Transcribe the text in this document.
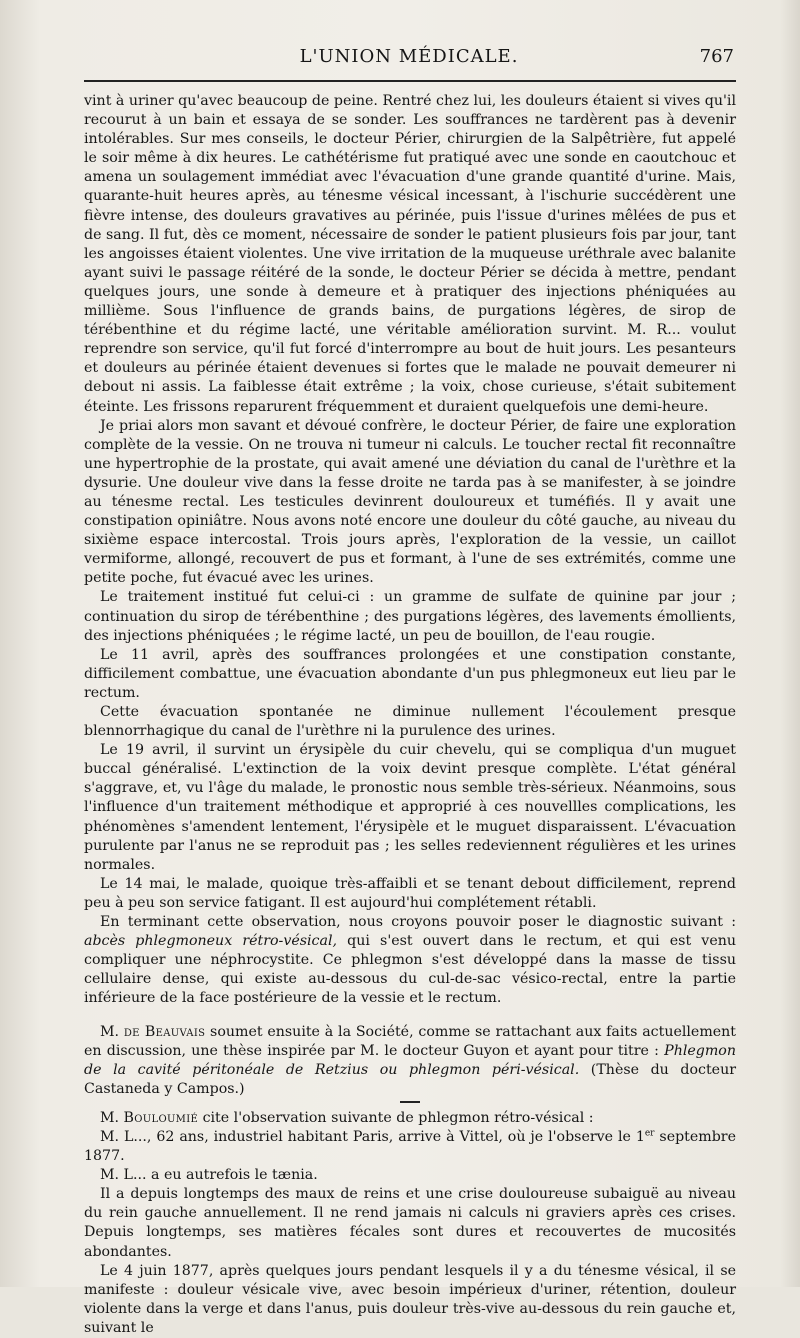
L'UNION MÉDICALE.	767

vint à uriner qu'avec beaucoup de peine. Rentré chez lui, les douleurs étaient si vives qu'il recourut à un bain et essaya de se sonder. Les souffrances ne tardèrent pas à devenir intolérables. Sur mes conseils, le docteur Périer, chirurgien de la Salpêtrière, fut appelé le soir même à dix heures. Le cathétérisme fut pratiqué avec une sonde en caoutchouc et amena un soulagement immédiat avec l'évacuation d'une grande quantité d'urine. Mais, quarante-huit heures après, au ténesme vésical incessant, à l'ischurie succédèrent une fièvre intense, des douleurs gravatives au périnée, puis l'issue d'urines mêlées de pus et de sang. Il fut, dès ce moment, nécessaire de sonder le patient plusieurs fois par jour, tant les angoisses étaient violentes. Une vive irritation de la muqueuse uréthrale avec balanite ayant suivi le passage réitéré de la sonde, le docteur Périer se décida à mettre, pendant quelques jours, une sonde à demeure et à pratiquer des injections phéniquées au millième. Sous l'influence de grands bains, de purgations légères, de sirop de térébenthine et du régime lacté, une véritable amélioration survint. M. R... voulut reprendre son service, qu'il fut forcé d'interrompre au bout de huit jours. Les pesanteurs et douleurs au périnée étaient devenues si fortes que le malade ne pouvait demeurer ni debout ni assis. La faiblesse était extrême ; la voix, chose curieuse, s'était subitement éteinte. Les frissons reparurent fréquemment et duraient quelquefois une demi-heure.

Je priai alors mon savant et dévoué confrère, le docteur Périer, de faire une exploration complète de la vessie. On ne trouva ni tumeur ni calculs. Le toucher rectal fit reconnaître une hypertrophie de la prostate, qui avait amené une déviation du canal de l'urèthre et la dysurie. Une douleur vive dans la fesse droite ne tarda pas à se manifester, à se joindre au ténesme rectal. Les testicules devinrent douloureux et tuméfiés. Il y avait une constipation opiniâtre. Nous avons noté encore une douleur du côté gauche, au niveau du sixième espace intercostal. Trois jours après, l'exploration de la vessie, un caillot vermiforme, allongé, recouvert de pus et formant, à l'une de ses extrémités, comme une petite poche, fut évacué avec les urines.

Le traitement institué fut celui-ci : un gramme de sulfate de quinine par jour ; continuation du sirop de térébenthine ; des purgations légères, des lavements émollients, des injections phéniquées ; le régime lacté, un peu de bouillon, de l'eau rougie.

Le 11 avril, après des souffrances prolongées et une constipation constante, difficilement combattue, une évacuation abondante d'un pus phlegmoneux eut lieu par le rectum.

Cette évacuation spontanée ne diminue nullement l'écoulement presque blennorrhagique du canal de l'urèthre ni la purulence des urines.

Le 19 avril, il survint un érysipèle du cuir chevelu, qui se compliqua d'un muguet buccal généralisé. L'extinction de la voix devint presque complète. L'état général s'aggrave, et, vu l'âge du malade, le pronostic nous semble très-sérieux. Néanmoins, sous l'influence d'un traitement méthodique et approprié à ces nouvellles complications, les phénomènes s'amendent lentement, l'érysipèle et le muguet disparaissent. L'évacuation purulente par l'anus ne se reproduit pas ; les selles redeviennent régulières et les urines normales.

Le 14 mai, le malade, quoique très-affaibli et se tenant debout difficilement, reprend peu à peu son service fatigant. Il est aujourd'hui complétement rétabli.

En terminant cette observation, nous croyons pouvoir poser le diagnostic suivant : abcès phlegmoneux rétro-vésical, qui s'est ouvert dans le rectum, et qui est venu compliquer une néphrocystite. Ce phlegmon s'est développé dans la masse de tissu cellulaire dense, qui existe au-dessous du cul-de-sac vésico-rectal, entre la partie inférieure de la face postérieure de la vessie et le rectum.

M. de Beauvais soumet ensuite à la Société, comme se rattachant aux faits actuellement en discussion, une thèse inspirée par M. le docteur Guyon et ayant pour titre : Phlegmon de la cavité péritonéale de Retzius ou phlegmon péri-vésical. (Thèse du docteur Castaneda y Campos.)

M. Bouloumié cite l'observation suivante de phlegmon rétro-vésical :

M. L..., 62 ans, industriel habitant Paris, arrive à Vittel, où je l'observe le 1er septembre 1877.

M. L... a eu autrefois le tænia.

Il a depuis longtemps des maux de reins et une crise douloureuse subaiguë au niveau du rein gauche annuellement. Il ne rend jamais ni calculs ni graviers après ces crises. Depuis longtemps, ses matières fécales sont dures et recouvertes de mucosités abondantes.

Le 4 juin 1877, après quelques jours pendant lesquels il y a du ténesme vésical, il se manifeste : douleur vésicale vive, avec besoin impérieux d'uriner, rétention, douleur violente dans la verge et dans l'anus, puis douleur très-vive au-dessous du rein gauche et, suivant le
